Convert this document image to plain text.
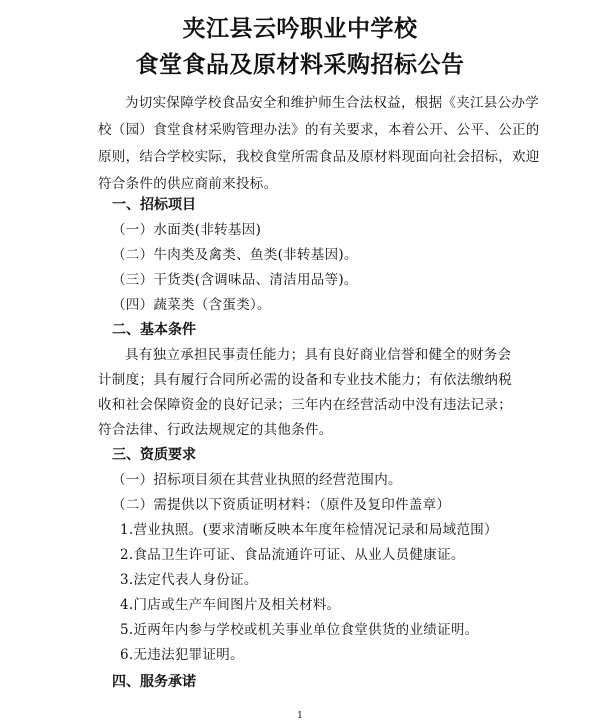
夹江县云吟职业中学校
食堂食品及原材料采购招标公告
为切实保障学校食品安全和维护师生合法权益，根据《夹江县公办学校（园）食堂食材采购管理办法》的有关要求，本着公开、公平、公正的原则，结合学校实际，我校食堂所需食品及原材料现面向社会招标，欢迎符合条件的供应商前来投标。
一、招标项目
（一）水面类(非转基因)
（二）牛肉类及禽类、鱼类(非转基因)。
（三）干货类(含调味品、清洁用品等)。
（四）蔬菜类（含蛋类）。
二、基本条件
具有独立承担民事责任能力；具有良好商业信誉和健全的财务会
计制度；具有履行合同所必需的设备和专业技术能力；有依法缴纳税
收和社会保障资金的良好记录；三年内在经营活动中没有违法记录；
符合法律、行政法规规定的其他条件。
三、资质要求
（一）招标项目须在其营业执照的经营范围内。
（二）需提供以下资质证明材料：（原件及复印件盖章）
1.营业执照。(要求清晰反映本年度年检情况记录和局域范围）
2.食品卫生许可证、食品流通许可证、从业人员健康证。
3.法定代表人身份证。
4.门店或生产车间图片及相关材料。
5.近两年内参与学校或机关事业单位食堂供货的业绩证明。
6.无违法犯罪证明。
四、服务承诺
1
